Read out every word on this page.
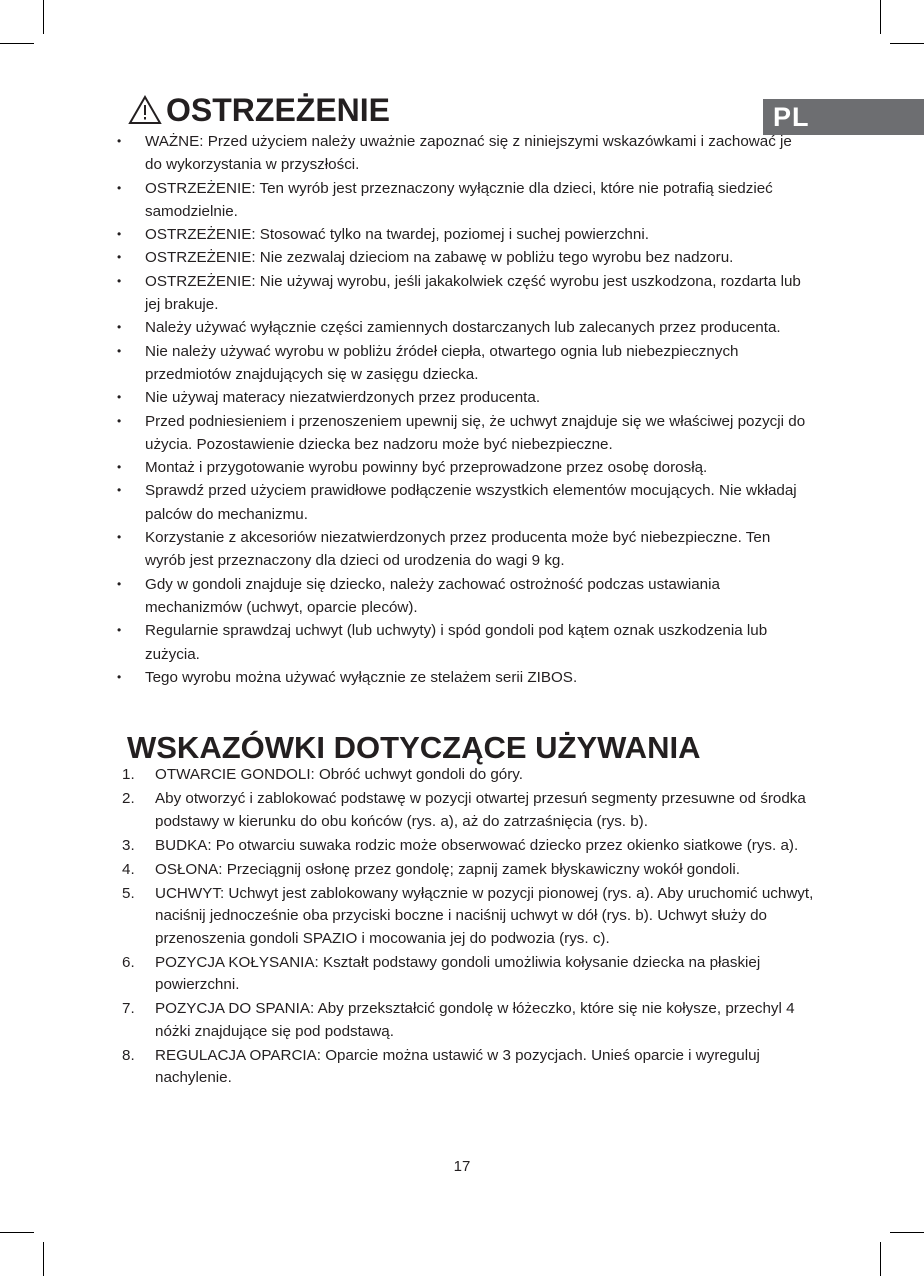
PL
OSTRZEŻENIE
•	WAŻNE: Przed użyciem należy uważnie zapoznać się z niniejszymi wskazówkami i zachować je do wykorzystania w przyszłości.
•	OSTRZEŻENIE: Ten wyrób jest przeznaczony wyłącznie dla dzieci, które nie potrafią siedzieć samodzielnie.
•	OSTRZEŻENIE: Stosować tylko na twardej, poziomej i suchej powierzchni.
•	OSTRZEŻENIE: Nie zezwalaj dzieciom na zabawę w pobliżu tego wyrobu bez nadzoru.
•	OSTRZEŻENIE: Nie używaj wyrobu, jeśli jakakolwiek część wyrobu jest uszkodzona, rozdarta lub jej brakuje.
•	Należy używać wyłącznie części zamiennych dostarczanych lub zalecanych przez producenta.
•	Nie należy używać wyrobu w pobliżu źródeł ciepła, otwartego ognia lub niebezpiecznych przedmiotów znajdujących się w zasięgu dziecka.
•	Nie używaj materacy niezatwierdzonych przez producenta.
•	Przed podniesieniem i przenoszeniem upewnij się, że uchwyt znajduje się we właściwej pozycji do użycia. Pozostawienie dziecka bez nadzoru może być niebezpieczne.
•	Montaż i przygotowanie wyrobu powinny być przeprowadzone przez osobę dorosłą.
•	Sprawdź przed użyciem prawidłowe podłączenie wszystkich elementów mocujących. Nie wkładaj palców do mechanizmu.
•	Korzystanie z akcesoriów niezatwierdzonych przez producenta może być niebezpieczne. Ten wyrób jest przeznaczony dla dzieci od urodzenia do wagi 9 kg.
•	Gdy w gondoli znajduje się dziecko, należy zachować ostrożność podczas ustawiania mechanizmów (uchwyt, oparcie pleców).
•	Regularnie sprawdzaj uchwyt (lub uchwyty) i spód gondoli pod kątem oznak uszkodzenia lub zużycia.
•	Tego wyrobu można używać wyłącznie ze stelażem serii ZIBOS.
WSKAZÓWKI DOTYCZĄCE UŻYWANIA
1. OTWARCIE GONDOLI: Obróć uchwyt gondoli do góry.
2. Aby otworzyć i zablokować podstawę w pozycji otwartej przesuń segmenty przesuwne od środka podstawy w kierunku do obu końców (rys. a), aż do zatrzaśnięcia (rys. b).
3. BUDKA: Po otwarciu suwaka rodzic może obserwować dziecko przez okienko siatkowe (rys. a).
4. OSŁONA: Przeciągnij osłonę przez gondolę; zapnij zamek błyskawiczny wokół gondoli.
5. UCHWYT: Uchwyt jest zablokowany wyłącznie w pozycji pionowej (rys. a). Aby uruchomić uchwyt, naciśnij jednocześnie oba przyciski boczne i naciśnij uchwyt w dół (rys. b). Uchwyt służy do przenoszenia gondoli SPAZIO i mocowania jej do podwozia (rys. c).
6. POZYCJA KOŁYSANIA: Kształt podstawy gondoli umożliwia kołysanie dziecka na płaskiej powierzchni.
7. POZYCJA DO SPANIA: Aby przekształcić gondolę w łóżeczko, które się nie kołysze, przechyl 4 nóżki znajdujące się pod podstawą.
8. REGULACJA OPARCIA: Oparcie można ustawić w 3 pozycjach. Unieś oparcie i wyreguluj nachylenie.
17
